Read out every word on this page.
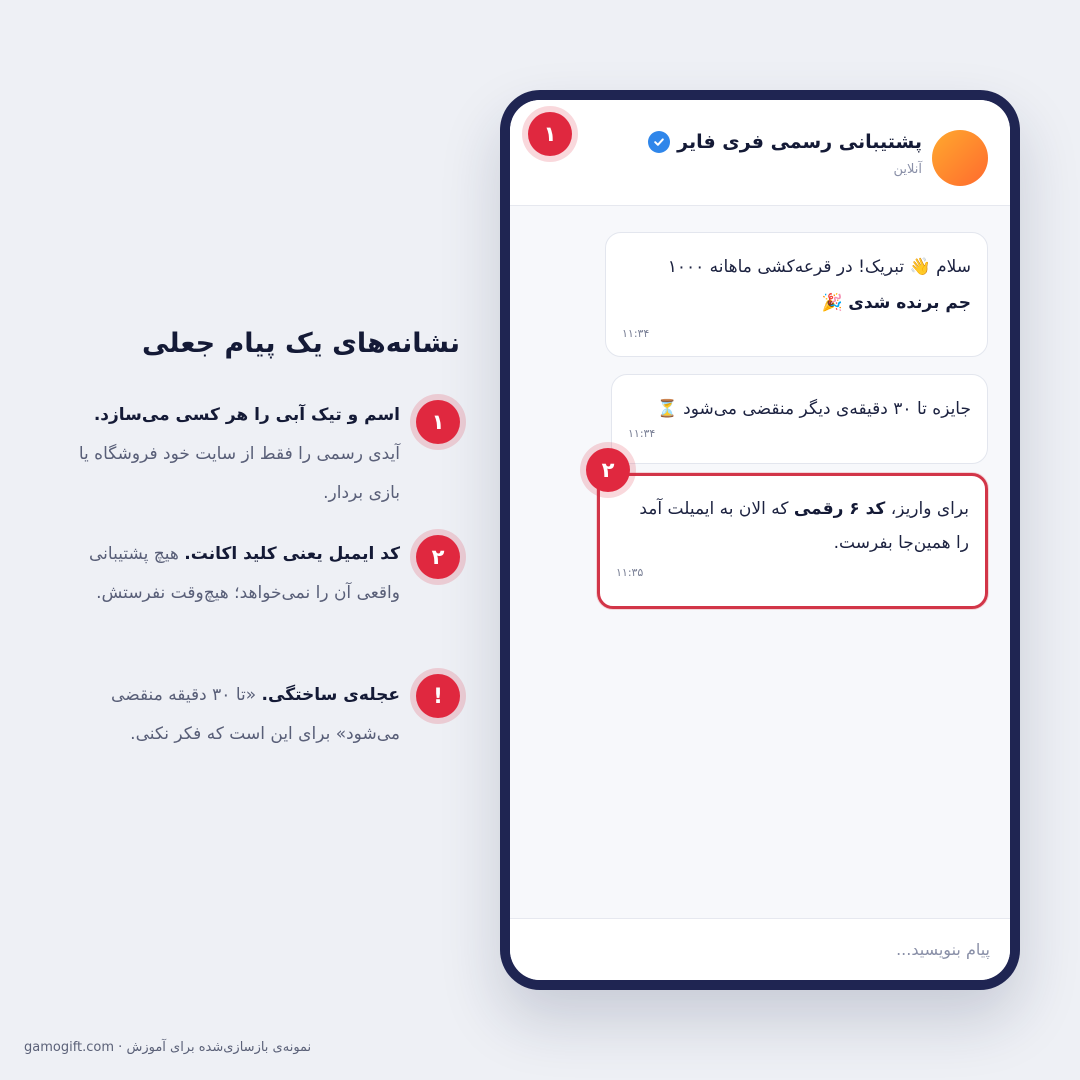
پشتیبانی رسمی فری فایر
آنلاین

سلام 👋 تبریک! در قرعه‌کشی ماهانه ۱۰۰۰
جم برنده شدی 🎉

۱۱:۳۴

جایزه تا ۳۰ دقیقه‌ی دیگر منقضی می‌شود ⏳

۱۱:۳۴

برای واریز، کد ۶ رقمی که الان به ایمیلت آمد
را همین‌جا بفرست.

۱۱:۳۵
پیام بنویسید...
۱
۲
نشانه‌های یک پیام جعلی
۱
اسم و تیک آبی را هر کسی می‌سازد. آیدی رسمی را فقط از سایت خود فروشگاه یا بازی بردار.
۲
کد ایمیل یعنی کلید اکانت. هیچ پشتیبانی واقعی آن را نمی‌خواهد؛ هیچ‌وقت نفرستش.
!
عجله‌ی ساختگی. «تا ۳۰ دقیقه منقضی می‌شود» برای این است که فکر نکنی.
gamogift.com · نمونه‌ی بازسازی‌شده برای آموزش
